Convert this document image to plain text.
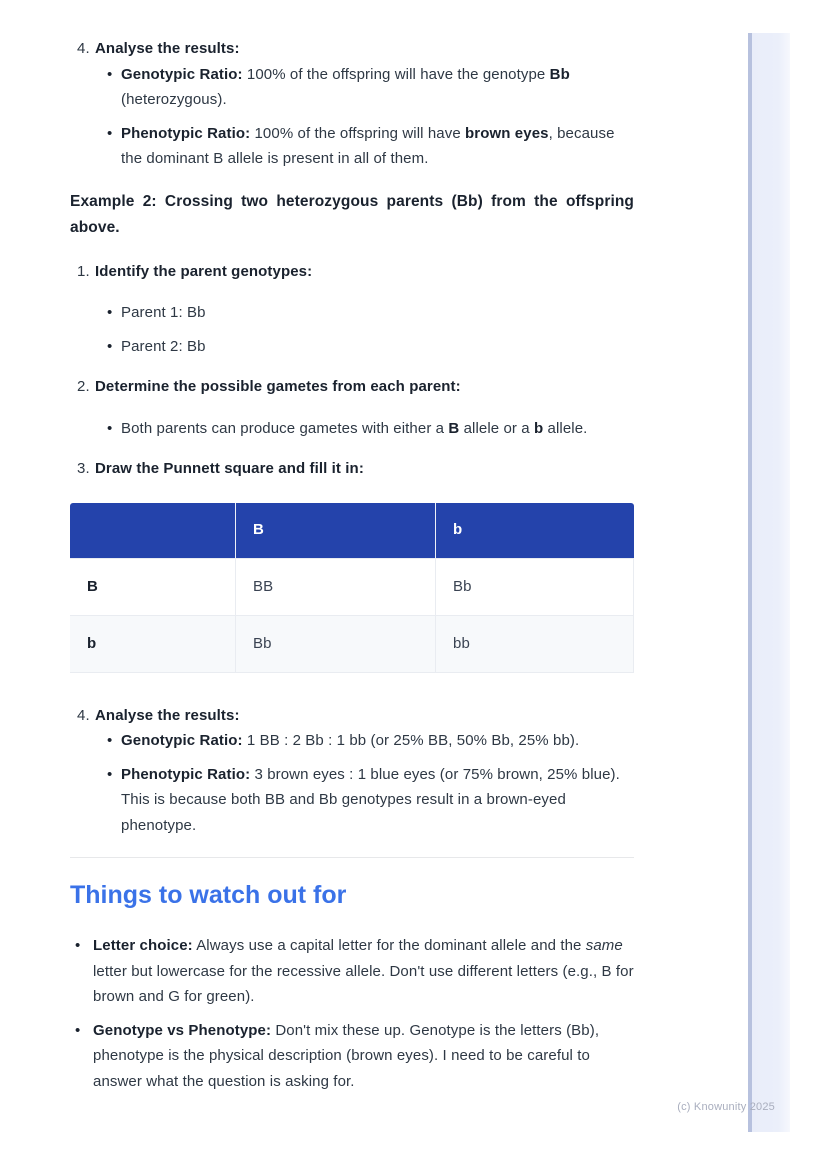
4. Analyse the results:
• Genotypic Ratio: 100% of the offspring will have the genotype Bb (heterozygous).
• Phenotypic Ratio: 100% of the offspring will have brown eyes, because the dominant B allele is present in all of them.

Example 2: Crossing two heterozygous parents (Bb) from the offspring above.

1. Identify the parent genotypes:
• Parent 1: Bb
• Parent 2: Bb
2. Determine the possible gametes from each parent:
• Both parents can produce gametes with either a B allele or a b allele.
3. Draw the Punnett square and fill it in:
	B	b
B	BB	Bb
b	Bb	bb
4. Analyse the results:
• Genotypic Ratio: 1 BB : 2 Bb : 1 bb (or 25% BB, 50% Bb, 25% bb).
• Phenotypic Ratio: 3 brown eyes : 1 blue eyes (or 75% brown, 25% blue). This is because both BB and Bb genotypes result in a brown-eyed phenotype.
Things to watch out for
• Letter choice: Always use a capital letter for the dominant allele and the same letter but lowercase for the recessive allele. Don't use different letters (e.g., B for brown and G for green).
• Genotype vs Phenotype: Don't mix these up. Genotype is the letters (Bb), phenotype is the physical description (brown eyes). I need to be careful to answer what the question is asking for.
(c) Knowunity 2025
